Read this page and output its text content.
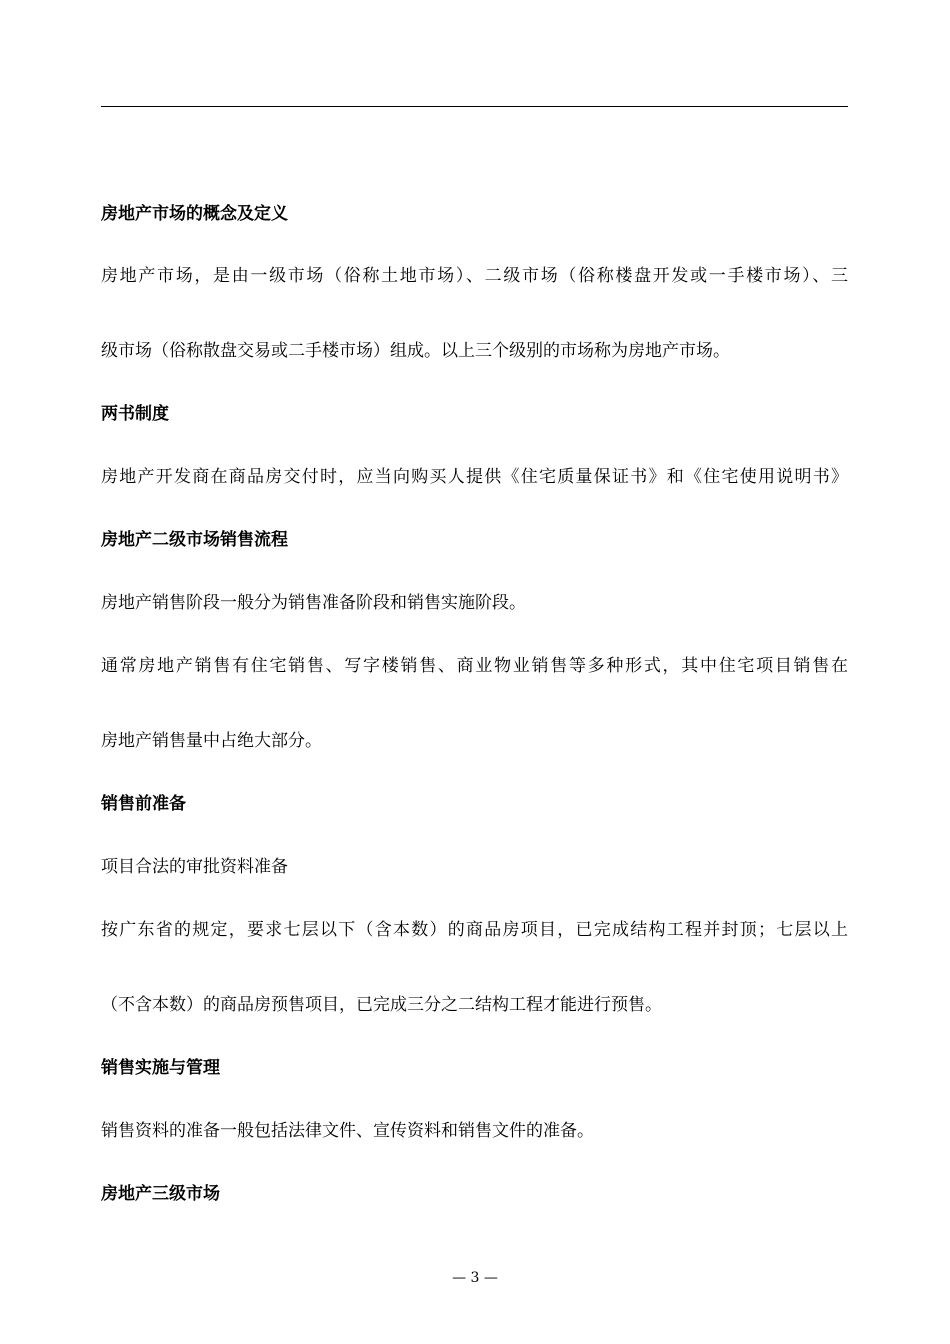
房地产市场的概念及定义
房地产市场，是由一级市场（俗称土地市场）、二级市场（俗称楼盘开发或一手楼市场）、三
级市场（俗称散盘交易或二手楼市场）组成。以上三个级别的市场称为房地产市场。
两书制度
房地产开发商在商品房交付时，应当向购买人提供《住宅质量保证书》和《住宅使用说明书》
房地产二级市场销售流程
房地产销售阶段一般分为销售准备阶段和销售实施阶段。
通常房地产销售有住宅销售、写字楼销售、商业物业销售等多种形式，其中住宅项目销售在
房地产销售量中占绝大部分。
销售前准备
项目合法的审批资料准备
按广东省的规定，要求七层以下（含本数）的商品房项目，已完成结构工程并封顶；七层以上
（不含本数）的商品房预售项目，已完成三分之二结构工程才能进行预售。
销售实施与管理
销售资料的准备一般包括法律文件、宣传资料和销售文件的准备。
房地产三级市场
— 3 —
